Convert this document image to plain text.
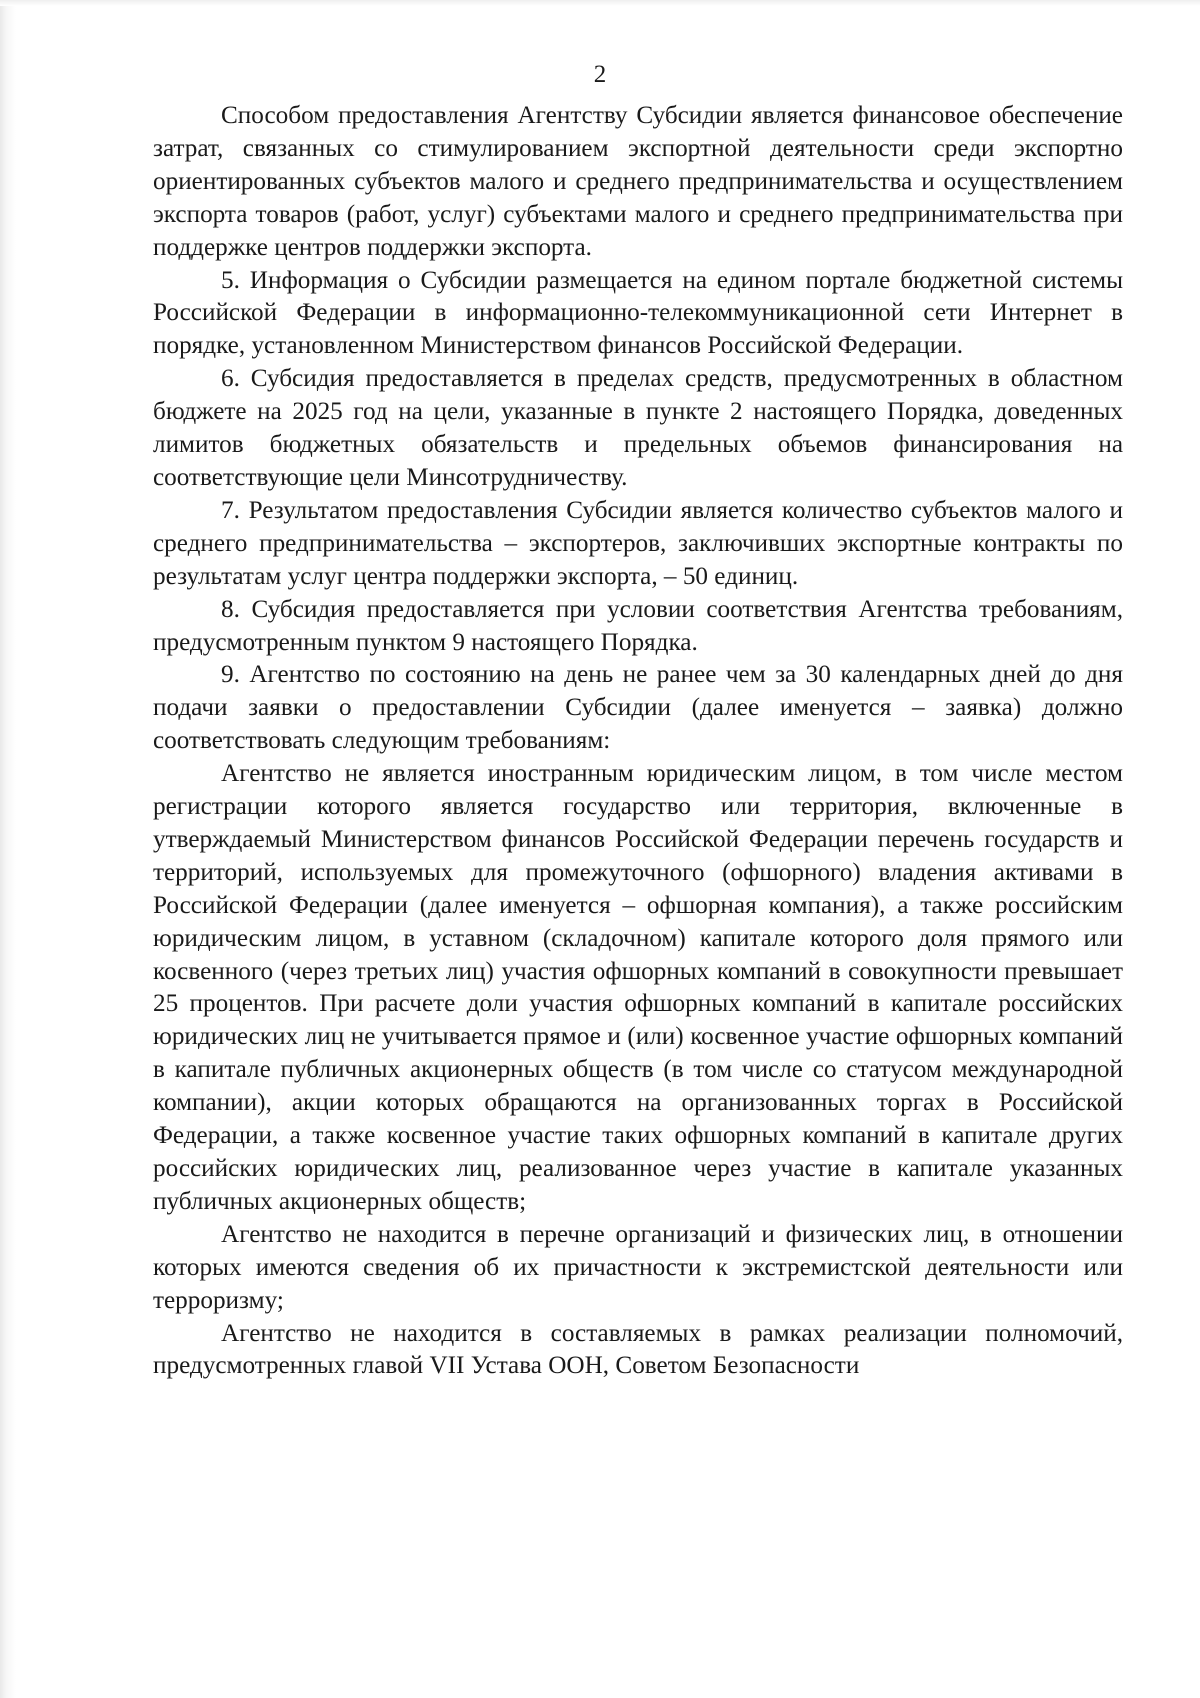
2

Способом предоставления Агентству Субсидии является финансовое обеспечение затрат, связанных со стимулированием экспортной деятельности среди экспортно ориентированных субъектов малого и среднего предпринимательства и осуществлением экспорта товаров (работ, услуг) субъектами малого и среднего предпринимательства при поддержке центров поддержки экспорта.

5. Информация о Субсидии размещается на едином портале бюджетной системы Российской Федерации в информационно-телекоммуникационной сети Интернет в порядке, установленном Министерством финансов Российской Федерации.

6. Субсидия предоставляется в пределах средств, предусмотренных в областном бюджете на 2025 год на цели, указанные в пункте 2 настоящего Порядка, доведенных лимитов бюджетных обязательств и предельных объемов финансирования на соответствующие цели Минсотрудничеству.

7. Результатом предоставления Субсидии является количество субъектов малого и среднего предпринимательства – экспортеров, заключивших экспортные контракты по результатам услуг центра поддержки экспорта, – 50 единиц.

8. Субсидия предоставляется при условии соответствия Агентства требованиям, предусмотренным пунктом 9 настоящего Порядка.

9. Агентство по состоянию на день не ранее чем за 30 календарных дней до дня подачи заявки о предоставлении Субсидии (далее именуется – заявка) должно соответствовать следующим требованиям:

Агентство не является иностранным юридическим лицом, в том числе местом регистрации которого является государство или территория, включенные в утверждаемый Министерством финансов Российской Федерации перечень государств и территорий, используемых для промежуточного (офшорного) владения активами в Российской Федерации (далее именуется – офшорная компания), а также российским юридическим лицом, в уставном (складочном) капитале которого доля прямого или косвенного (через третьих лиц) участия офшорных компаний в совокупности превышает 25 процентов. При расчете доли участия офшорных компаний в капитале российских юридических лиц не учитывается прямое и (или) косвенное участие офшорных компаний в капитале публичных акционерных обществ (в том числе со статусом международной компании), акции которых обращаются на организованных торгах в Российской Федерации, а также косвенное участие таких офшорных компаний в капитале других российских юридических лиц, реализованное через участие в капитале указанных публичных акционерных обществ;

Агентство не находится в перечне организаций и физических лиц, в отношении которых имеются сведения об их причастности к экстремистской деятельности или терроризму;

Агентство не находится в составляемых в рамках реализации полномочий, предусмотренных главой VII Устава ООН, Советом Безопасности
